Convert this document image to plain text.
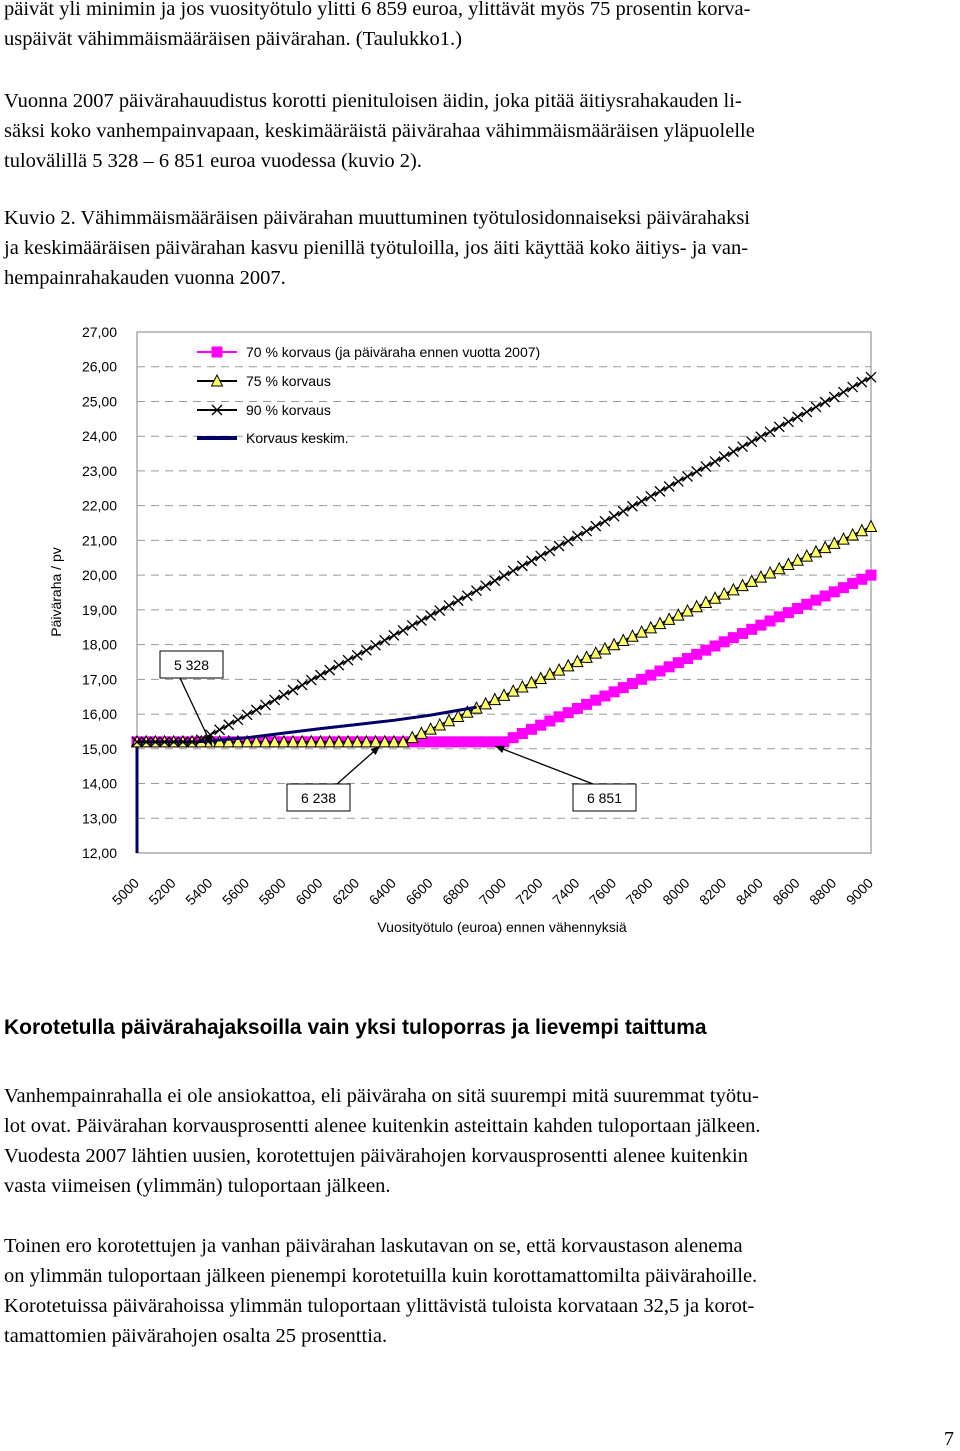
päivät yli minimin ja jos vuosityötulo ylitti 6 859 euroa, ylittävät myös 75 prosentin korva-
uspäivät vähimmäismääräisen päivärahan. (Taulukko1.)
Vuonna 2007 päivärahauudistus korotti pienituloisen äidin, joka pitää äitiysrahakauden li-
säksi koko vanhempainvapaan, keskimääräistä päivärahaa vähimmäismääräisen yläpuolelle
tulovälillä 5 328 – 6 851 euroa vuodessa (kuvio 2).
Kuvio 2. Vähimmäismääräisen päivärahan muuttuminen työtulosidonnaiseksi päivärahaksi
ja keskimääräisen päivärahan kasvu pienillä työtuloilla, jos äiti käyttää koko äitiys- ja van-
hempainrahakauden vuonna 2007.
27,00
26,00
25,00
24,00
23,00
22,00
21,00
20,00
19,00
18,00
17,00
16,00
15,00
14,00
13,00
12,00
5000 5200 5400 5600 5800 6000 6200 6400 6600 6800 7000 7200 7400 7600 7800 8000 8200 8400 8600 8800 9000
Päiväraha / pv
Vuosityötulo (euroa) ennen vähennyksiä
70 % korvaus (ja päiväraha ennen vuotta 2007)
75 % korvaus
90 % korvaus
Korvaus keskim.
5 328
6 238	6 851
Korotetulla päivärahajaksoilla vain yksi tuloporras ja lievempi taittuma
Vanhempainrahalla ei ole ansiokattoa, eli päiväraha on sitä suurempi mitä suuremmat työtu-
lot ovat. Päivärahan korvausprosentti alenee kuitenkin asteittain kahden tuloportaan jälkeen.
Vuodesta 2007 lähtien uusien, korotettujen päivärahojen korvausprosentti alenee kuitenkin
vasta viimeisen (ylimmän) tuloportaan jälkeen.
Toinen ero korotettujen ja vanhan päivärahan laskutavan on se, että korvaustason alenema
on ylimmän tuloportaan jälkeen pienempi korotetuilla kuin korottamattomilta päivärahoille.
Korotetuissa päivärahoissa ylimmän tuloportaan ylittävistä tuloista korvataan 32,5 ja korot-
tamattomien päivärahojen osalta 25 prosenttia.
7
